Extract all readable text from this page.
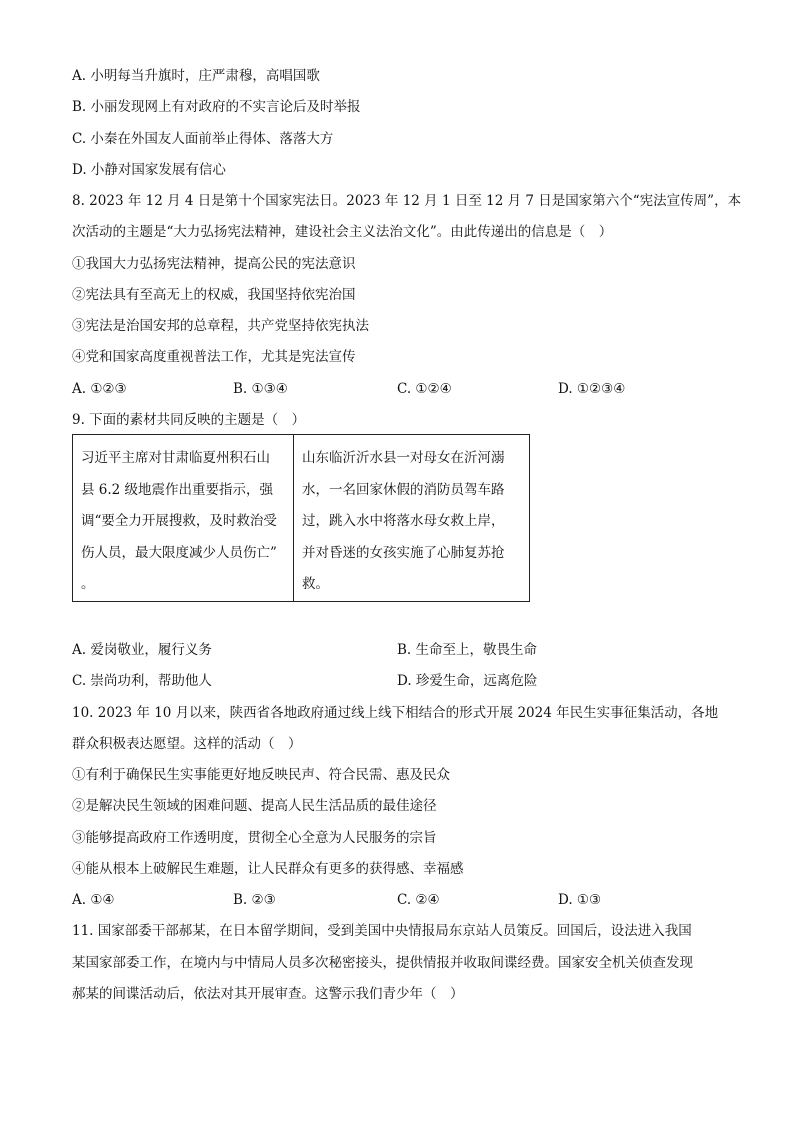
A. 小明每当升旗时，庄严肃穆，高唱国歌
B. 小丽发现网上有对政府的不实言论后及时举报
C. 小秦在外国友人面前举止得体、落落大方
D. 小静对国家发展有信心
8. 2023 年 12 月 4 日是第十个国家宪法日。2023 年 12 月 1 日至 12 月 7 日是国家第六个“宪法宣传周”，本
次活动的主题是“大力弘扬宪法精神，建设社会主义法治文化”。由此传递出的信息是（　）
①我国大力弘扬宪法精神，提高公民的宪法意识
②宪法具有至高无上的权威，我国坚持依宪治国
③宪法是治国安邦的总章程，共产党坚持依宪执法
④党和国家高度重视普法工作，尤其是宪法宣传
A. ①②③	B. ①③④	C. ①②④	D. ①②③④
9. 下面的素材共同反映的主题是（　）
习近平主席对甘肃临夏州积石山
县 6.2 级地震作出重要指示，强
调“要全力开展搜救，及时救治受
伤人员，最大限度减少人员伤亡”
。
山东临沂沂水县一对母女在沂河溺
水，一名回家休假的消防员驾车路
过，跳入水中将落水母女救上岸，
并对昏迷的女孩实施了心肺复苏抢
救。
A. 爱岗敬业，履行义务	B. 生命至上，敬畏生命
C. 崇尚功利，帮助他人	D. 珍爱生命，远离危险
10. 2023 年 10 月以来，陕西省各地政府通过线上线下相结合的形式开展 2024 年民生实事征集活动，各地
群众积极表达愿望。这样的活动（　）
①有利于确保民生实事能更好地反映民声、符合民需、惠及民众
②是解决民生领域的困难问题、提高人民生活品质的最佳途径
③能够提高政府工作透明度，贯彻全心全意为人民服务的宗旨
④能从根本上破解民生难题，让人民群众有更多的获得感、幸福感
A. ①④	B. ②③	C. ②④	D. ①③
11. 国家部委干部郝某，在日本留学期间，受到美国中央情报局东京站人员策反。回国后，设法进入我国
某国家部委工作，在境内与中情局人员多次秘密接头，提供情报并收取间谍经费。国家安全机关侦查发现
郝某的间谍活动后，依法对其开展审查。这警示我们青少年（　）
